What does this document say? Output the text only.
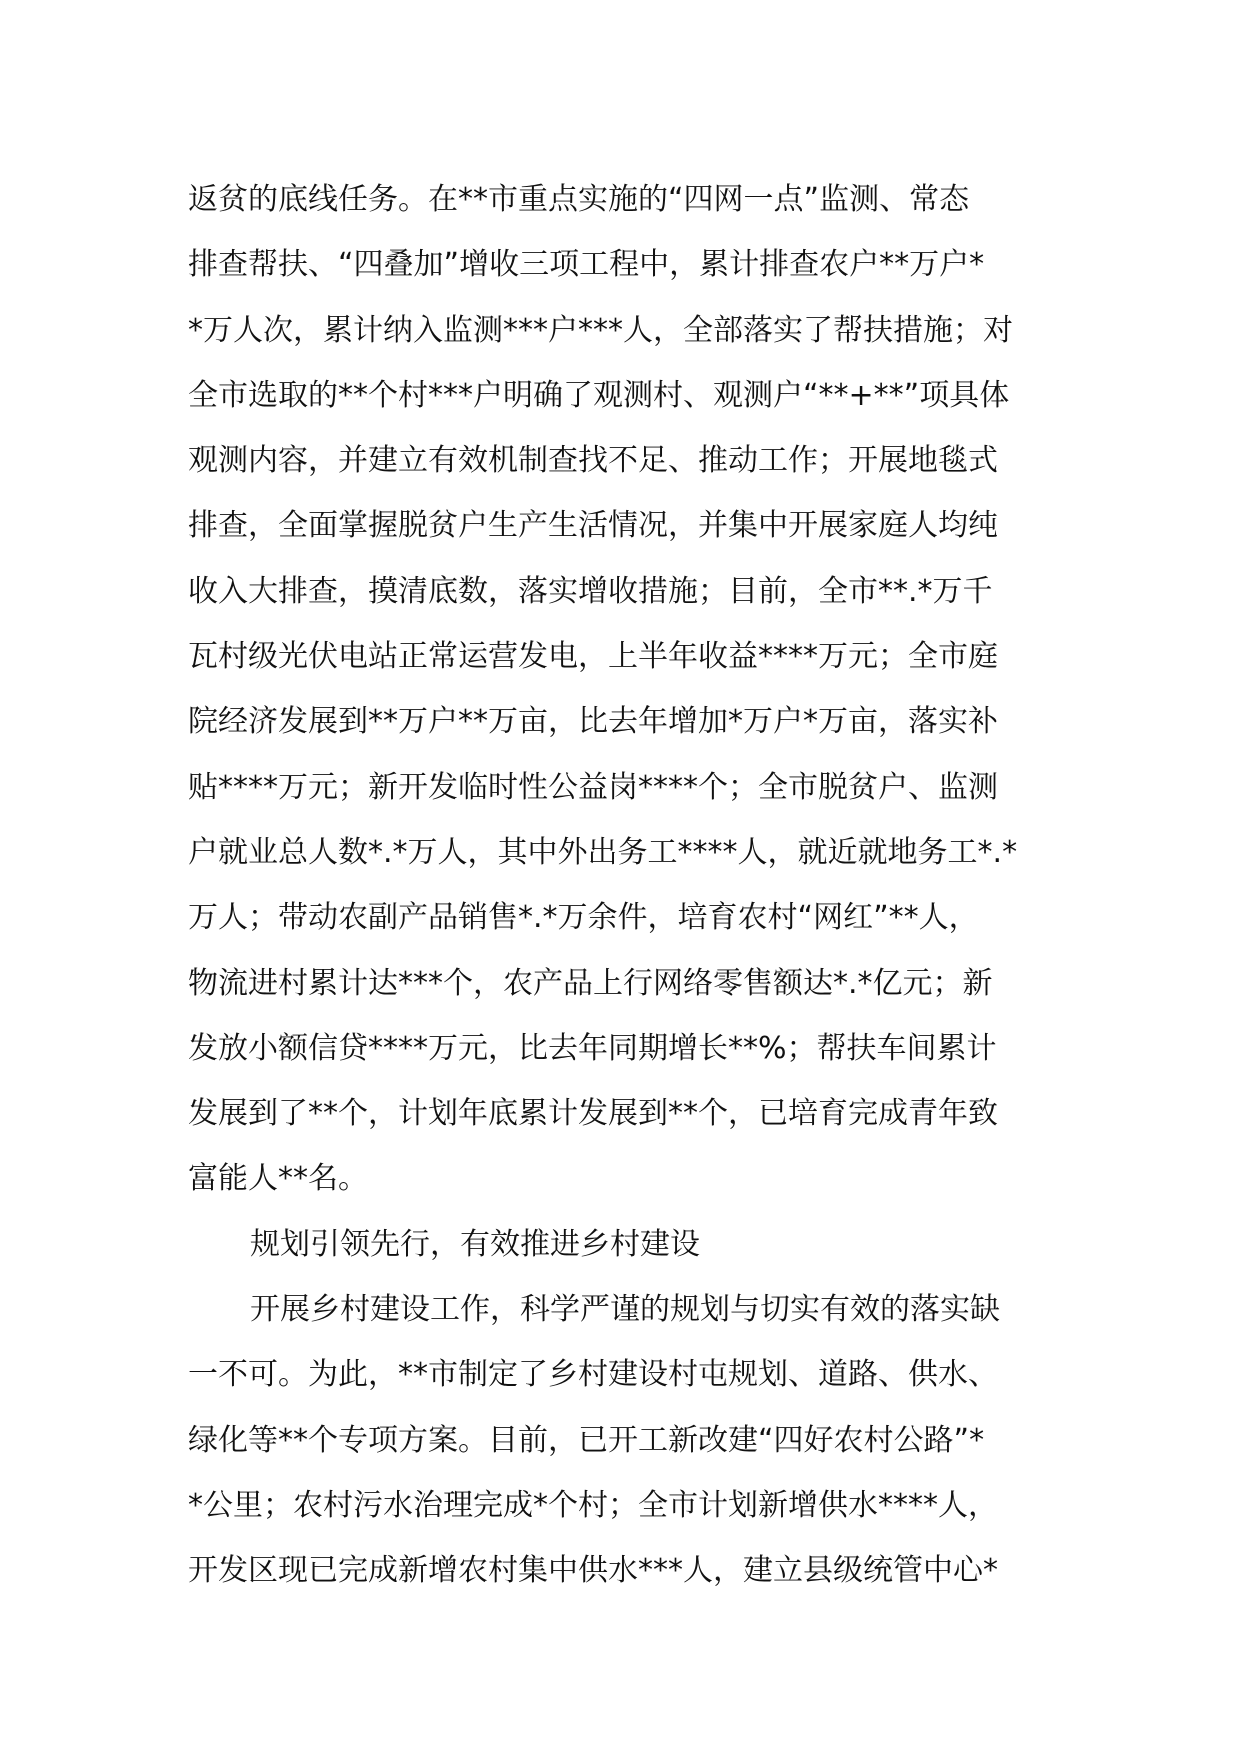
返贫的底线任务。在**市重点实施的“四网一点”监测、常态
排查帮扶、“四叠加”增收三项工程中，累计排查农户**万户*
*万人次，累计纳入监测***户***人，全部落实了帮扶措施；对
全市选取的**个村***户明确了观测村、观测户“**+**”项具体
观测内容，并建立有效机制查找不足、推动工作；开展地毯式
排查，全面掌握脱贫户生产生活情况，并集中开展家庭人均纯
收入大排查，摸清底数，落实增收措施；目前，全市**.*万千
瓦村级光伏电站正常运营发电，上半年收益****万元；全市庭
院经济发展到**万户**万亩，比去年增加*万户*万亩，落实补
贴****万元；新开发临时性公益岗****个；全市脱贫户、监测
户就业总人数*.*万人，其中外出务工****人，就近就地务工*.*
万人；带动农副产品销售*.*万余件，培育农村“网红”**人，
物流进村累计达***个，农产品上行网络零售额达*.*亿元；新
发放小额信贷****万元，比去年同期增长**%；帮扶车间累计
发展到了**个，计划年底累计发展到**个，已培育完成青年致
富能人**名。
规划引领先行，有效推进乡村建设
开展乡村建设工作，科学严谨的规划与切实有效的落实缺
一不可。为此，**市制定了乡村建设村屯规划、道路、供水、
绿化等**个专项方案。目前，已开工新改建“四好农村公路”*
*公里；农村污水治理完成*个村；全市计划新增供水****人，
开发区现已完成新增农村集中供水***人，建立县级统管中心*
